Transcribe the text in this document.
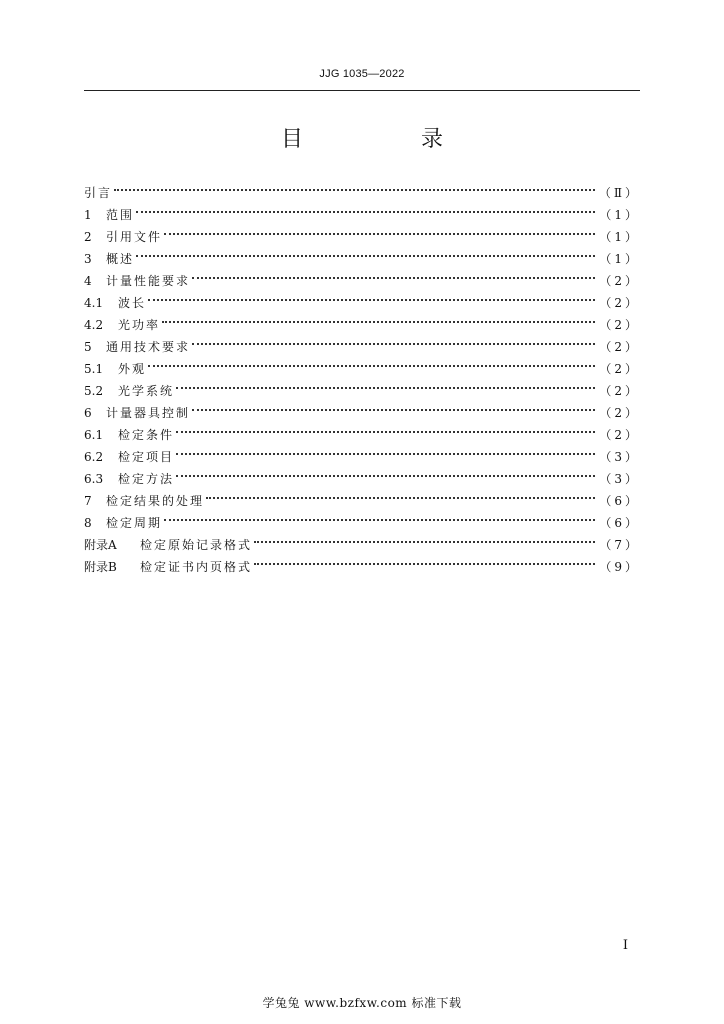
JJG 1035—2022
目　录
引言	（Ⅱ）
1	范围	（1）
2	引用文件	（1）
3	概述	（1）
4	计量性能要求	（2）
4.1	波长	（2）
4.2	光功率	（2）
5	通用技术要求	（2）
5.1	外观	（2）
5.2	光学系统	（2）
6	计量器具控制	（2）
6.1	检定条件	（2）
6.2	检定项目	（3）
6.3	检定方法	（3）
7	检定结果的处理	（6）
8	检定周期	（6）
附录A	检定原始记录格式	（7）
附录B	检定证书内页格式	（9）
I
学兔兔 www.bzfxw.com 标准下载
